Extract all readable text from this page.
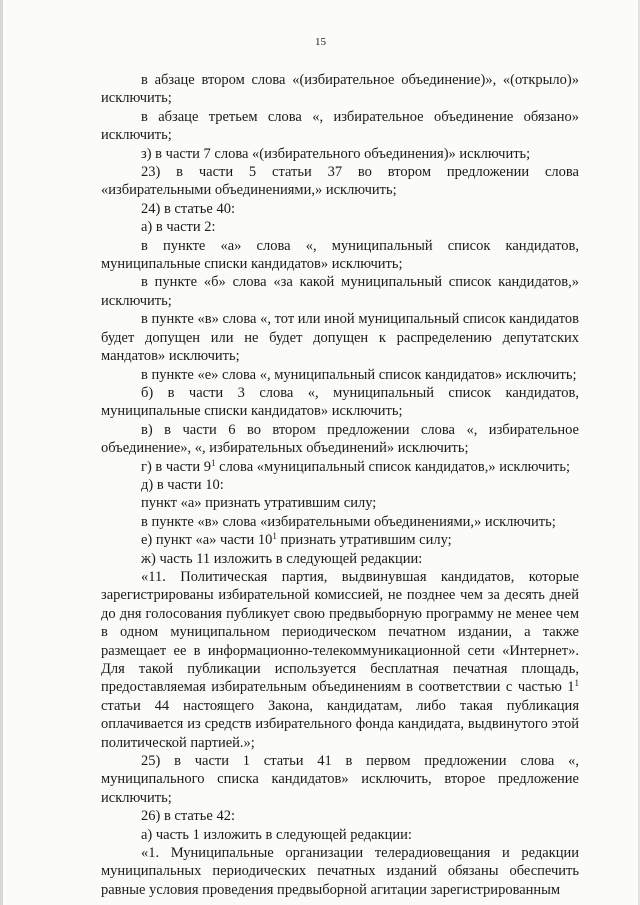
15

в абзаце втором слова «(избирательное объединение)», «(открыло)» исключить;

в абзаце третьем слова «, избирательное объединение обязано» исключить;

з) в части 7 слова «(избирательного объединения)» исключить;

23) в части 5 статьи 37 во втором предложении слова «избирательными объединениями,» исключить;

24) в статье 40:

а) в части 2:

в пункте «а» слова «, муниципальный список кандидатов, муниципальные списки кандидатов» исключить;

в пункте «б» слова «за какой муниципальный список кандидатов,» исключить;

в пункте «в» слова «, тот или иной муниципальный список кандидатов будет допущен или не будет допущен к распределению депутатских мандатов» исключить;

в пункте «е» слова «, муниципальный список кандидатов» исключить;

б) в части 3 слова «, муниципальный список кандидатов, муниципальные списки кандидатов» исключить;

в) в части 6 во втором предложении слова «, избирательное объединение», «, избирательных объединений» исключить;

г) в части $9^1$ слова «муниципальный список кандидатов,» исключить;

д) в части 10:

пункт «а» признать утратившим силу;

в пункте «в» слова «избирательными объединениями,» исключить;

е) пункт «а» части $10^1$ признать утратившим силу;

ж) часть 11 изложить в следующей редакции:

«11. Политическая партия, выдвинувшая кандидатов, которые зарегистрированы избирательной комиссией, не позднее чем за десять дней до дня голосования публикует свою предвыборную программу не менее чем в одном муниципальном периодическом печатном издании, а также размещает ее в информационно-телекоммуникационной сети «Интернет». Для такой публикации используется бесплатная печатная площадь, предоставляемая избирательным объединениям в соответствии с частью $1^1$ статьи 44 настоящего Закона, кандидатам, либо такая публикация оплачивается из средств избирательного фонда кандидата, выдвинутого этой политической партией.»;

25) в части 1 статьи 41 в первом предложении слова «, муниципального списка кандидатов» исключить, второе предложение исключить;

26) в статье 42:

а) часть 1 изложить в следующей редакции:

«1. Муниципальные организации телерадиовещания и редакции муниципальных периодических печатных изданий обязаны обеспечить равные условия проведения предвыборной агитации зарегистрированным
